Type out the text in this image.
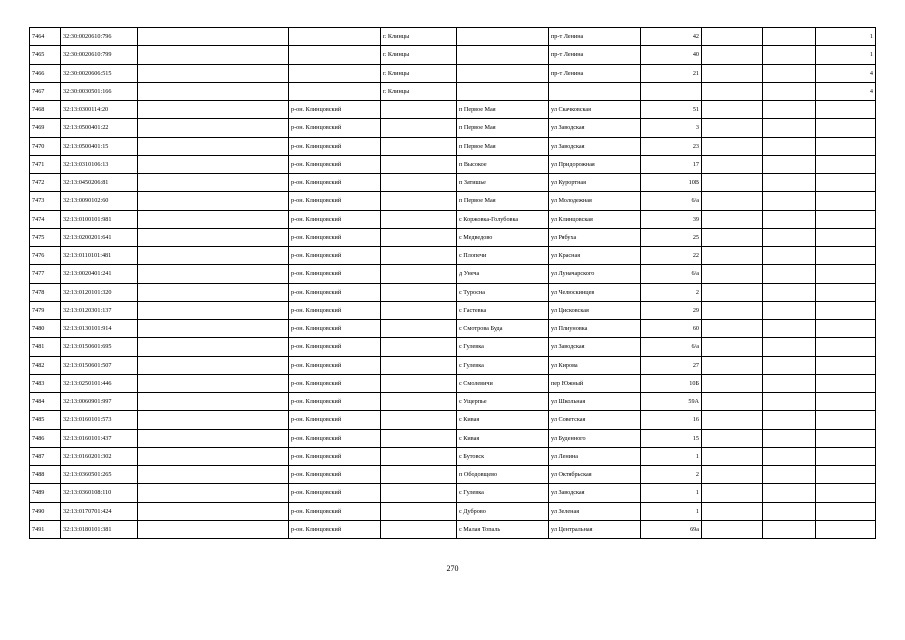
7464	32:30:0020610:796			г. Клинцы		пр-т Ленина	42			1
7465	32:30:0020610:799			г. Клинцы		пр-т Ленина	40			1
7466	32:30:0020606:515			г. Клинцы		пр-т Ленина	21			4
7467	32:30:0030501:166			г. Клинцы						4
7468	32:13:0300114:20		р-он. Клинцовский		п Первое Мая	ул Скачковская	51			
7469	32:13:0500401:22		р-он. Клинцовский		п Первое Мая	ул Заводская	3			
7470	32:13:0500401:15		р-он. Клинцовский		п Первое Мая	ул Заводская	23			
7471	32:13:0310106:13		р-он. Клинцовский		п Высокое	ул Придорожная	17			
7472	32:13:0450206:81		р-он. Клинцовский		п Затишье	ул Курортная	10В			
7473	32:13:0090102:60		р-он. Клинцовский		п Первое Мая	ул Молодежная	6/а			
7474	32:13:0100101:981		р-он. Клинцовский		с Коржовка-Голубовка	ул Клинцовская	39			
7475	32:13:0200201:641		р-он. Клинцовский		с Медведово	ул Рябуха	25			
7476	32:13:0110101:481		р-он. Клинцовский		с Плопечи	ул Красная	22			
7477	32:13:0020401:241		р-он. Клинцовский		д Унеча	ул Луначарского	6/а			
7478	32:13:0120101:320		р-он. Клинцовский		с Туросна	ул Челюскинцев	2			
7479	32:13:0120301:137		р-он. Клинцовский		с Гастевка	ул Цисковская	29			
7480	32:13:0130101:914		р-он. Клинцовский		с Смотрова Буда	ул Плиуновка	60			
7481	32:13:0150601:695		р-он. Клинцовский		с Гулевка	ул Заводская	6/а			
7482	32:13:0150601:507		р-он. Клинцовский		с Гулевка	ул Кирова	27			
7483	32:13:0250101:446		р-он. Клинцовский		с Смолевичи	пер Южный	10Б			
7484	32:13:0060901:997		р-он. Клинцовский		с Ущерпье	ул Школьная	59А			
7485	32:13:0160101:573		р-он. Клинцовский		с Кивая	ул Советская	16			
7486	32:13:0160101:437		р-он. Клинцовский		с Кивая	ул Буденного	15			
7487	32:13:0160201:302		р-он. Клинцовский		с Бутовск	ул Ленина	1			
7488	32:13:0360501:265		р-он. Клинцовский		п Ободовщево	ул Октябрьская	2			
7489	32:13:0360108:110		р-он. Клинцовский		с Гулевка	ул Заводская	1			
7490	32:13:0170701:424		р-он. Клинцовский		с Дуброво	ул Зеленая	1			
7491	32:13:0180101:381		р-он. Клинцовский		с Малая Топаль	ул Центральная	69а			
270
